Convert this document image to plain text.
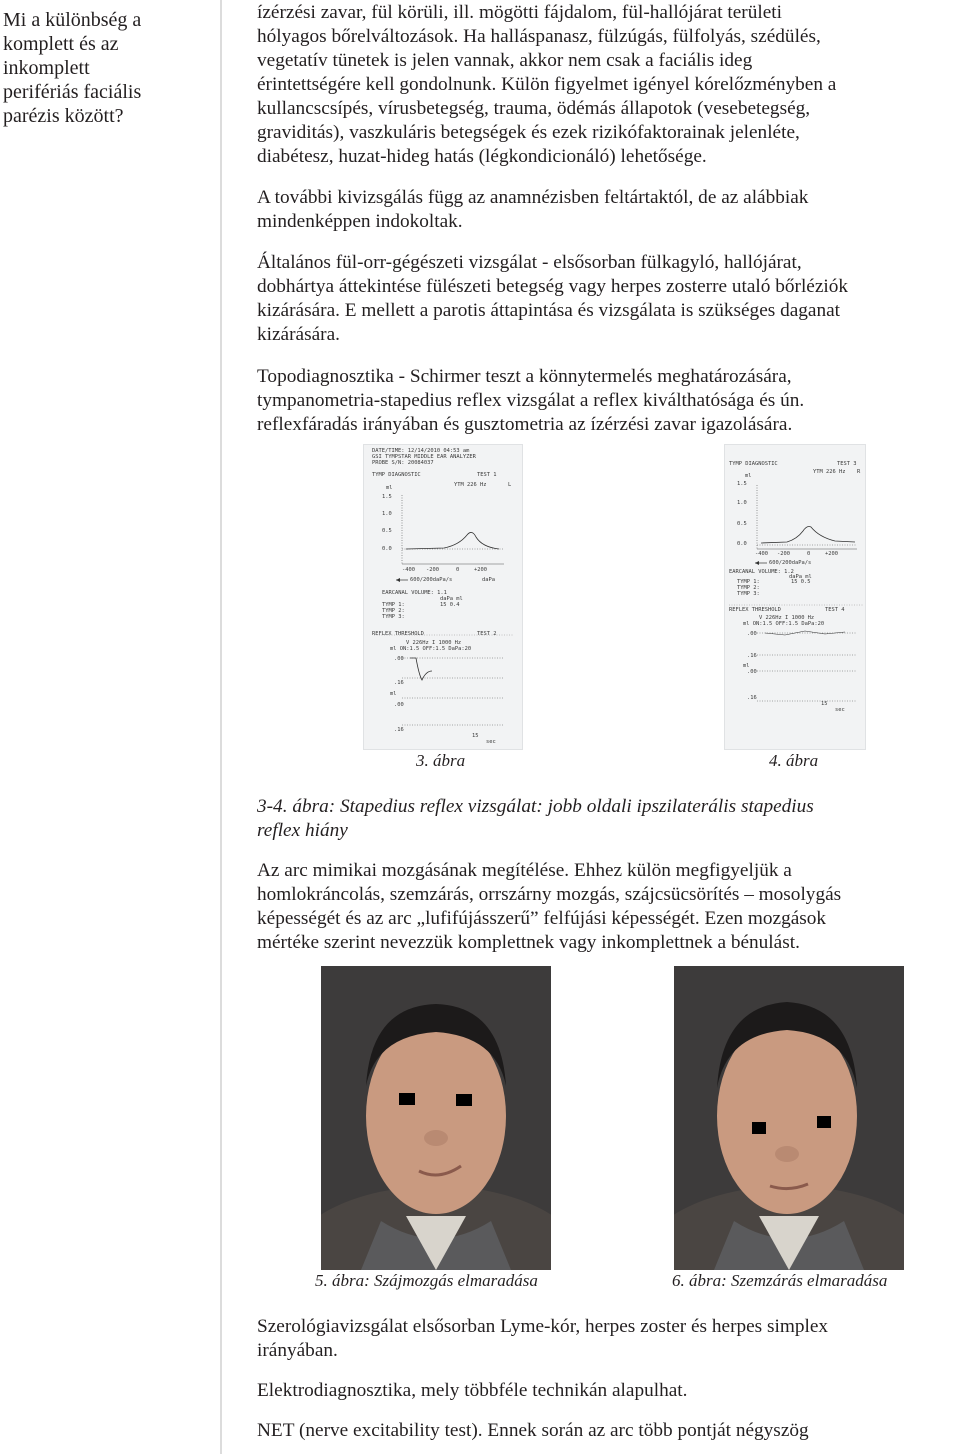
Mi a különbség a
komplett és az
inkomplett
perifériás faciális
parézis között?

ízérzési zavar, fül körüli, ill. mögötti fájdalom, fül-hallójárat területi
hólyagos bőrelváltozások. Ha halláspanasz, fülzúgás, fülfolyás, szédülés,
vegetatív tünetek is jelen vannak, akkor nem csak a faciális ideg
érintettségére kell gondolnunk. Külön figyelmet igényel kórelőzményben a
kullancscsípés, vírusbetegség, trauma, ödémás állapotok (vesebetegség,
graviditás), vaszkuláris betegségek és ezek rizikófaktorainak jelenléte,
diabétesz, huzat-hideg hatás (légkondicionáló) lehetősége.

A további kivizsgálás függ az anamnézisben feltártaktól, de az alábbiak
mindenképpen indokoltak.

Általános fül-orr-gégészeti vizsgálat - elsősorban fülkagyló, hallójárat,
dobhártya áttekintése fülészeti betegség vagy herpes zosterre utaló bőrléziók
kizárására. E mellett a parotis áttapintása és vizsgálata is szükséges daganat
kizárására.

Topodiagnosztika - Schirmer teszt a könnytermelés meghatározására,
tympanometria-stapedius reflex vizsgálat a reflex kiválthatósága és ún.
reflexfáradás irányában és gusztometria az ízérzési zavar igazolására.

DATE/TIME: 12/14/2010 04:53 am
GSI TYMPSTAR MIDDLE EAR ANALYZER
PROBE S/N: 20084037
TYMP DIAGNOSTIC	TEST 1
YTM 226 Hz	L
ml
1.5
1.0
0.5
0.0
-400 -200	0	+200
600/200daPa/s	daPa
EARCANAL VOLUME: 1.1
daPa ml
TYMP 1:	15 0.4
TYMP 2:
TYMP 3:
REFLEX THRESHOLD	TEST 2
V 226Hz I 1000 Hz
ml ON:1.5 OFF:1.5 DaPa:20
.00
.16
ml
.00
.16
15
sec
TYMP DIAGNOSTIC	TEST 3
YTM 226 Hz R
ml
1.5
1.0
0.5
0.0
-400 -200	0	+200
600/200daPa/s
EARCANAL VOLUME: 1.2
daPa ml
TYMP 1:	15 0.5
TYMP 2:
TYMP 3:
REFLEX THRESHOLD	TEST 4
V 226Hz I 1000 Hz
ml ON:1.5 OFF:1.5 DaPa:20
.00
.16
ml
.00
.16
15
sec
3. ábra	4. ábra

3-4. ábra: Stapedius reflex vizsgálat: jobb oldali ipszilaterális stapedius
reflex hiány

Az arc mimikai mozgásának megítélése. Ehhez külön megfigyeljük a
homlokráncolás, szemzárás, orrszárny mozgás, szájcsücsörítés – mosolygás
képességét és az arc „lufifújásszerű” felfújási képességét. Ezen mozgások
mértéke szerint nevezzük komplettnek vagy inkomplettnek a bénulást.

5. ábra: Szájmozgás elmaradása	6. ábra: Szemzárás elmaradása

Szerológiavizsgálat elsősorban Lyme-kór, herpes zoster és herpes simplex
irányában.

Elektrodiagnosztika, mely többféle technikán alapulhat.

NET (nerve excitability test). Ennek során az arc több pontját négyszög
